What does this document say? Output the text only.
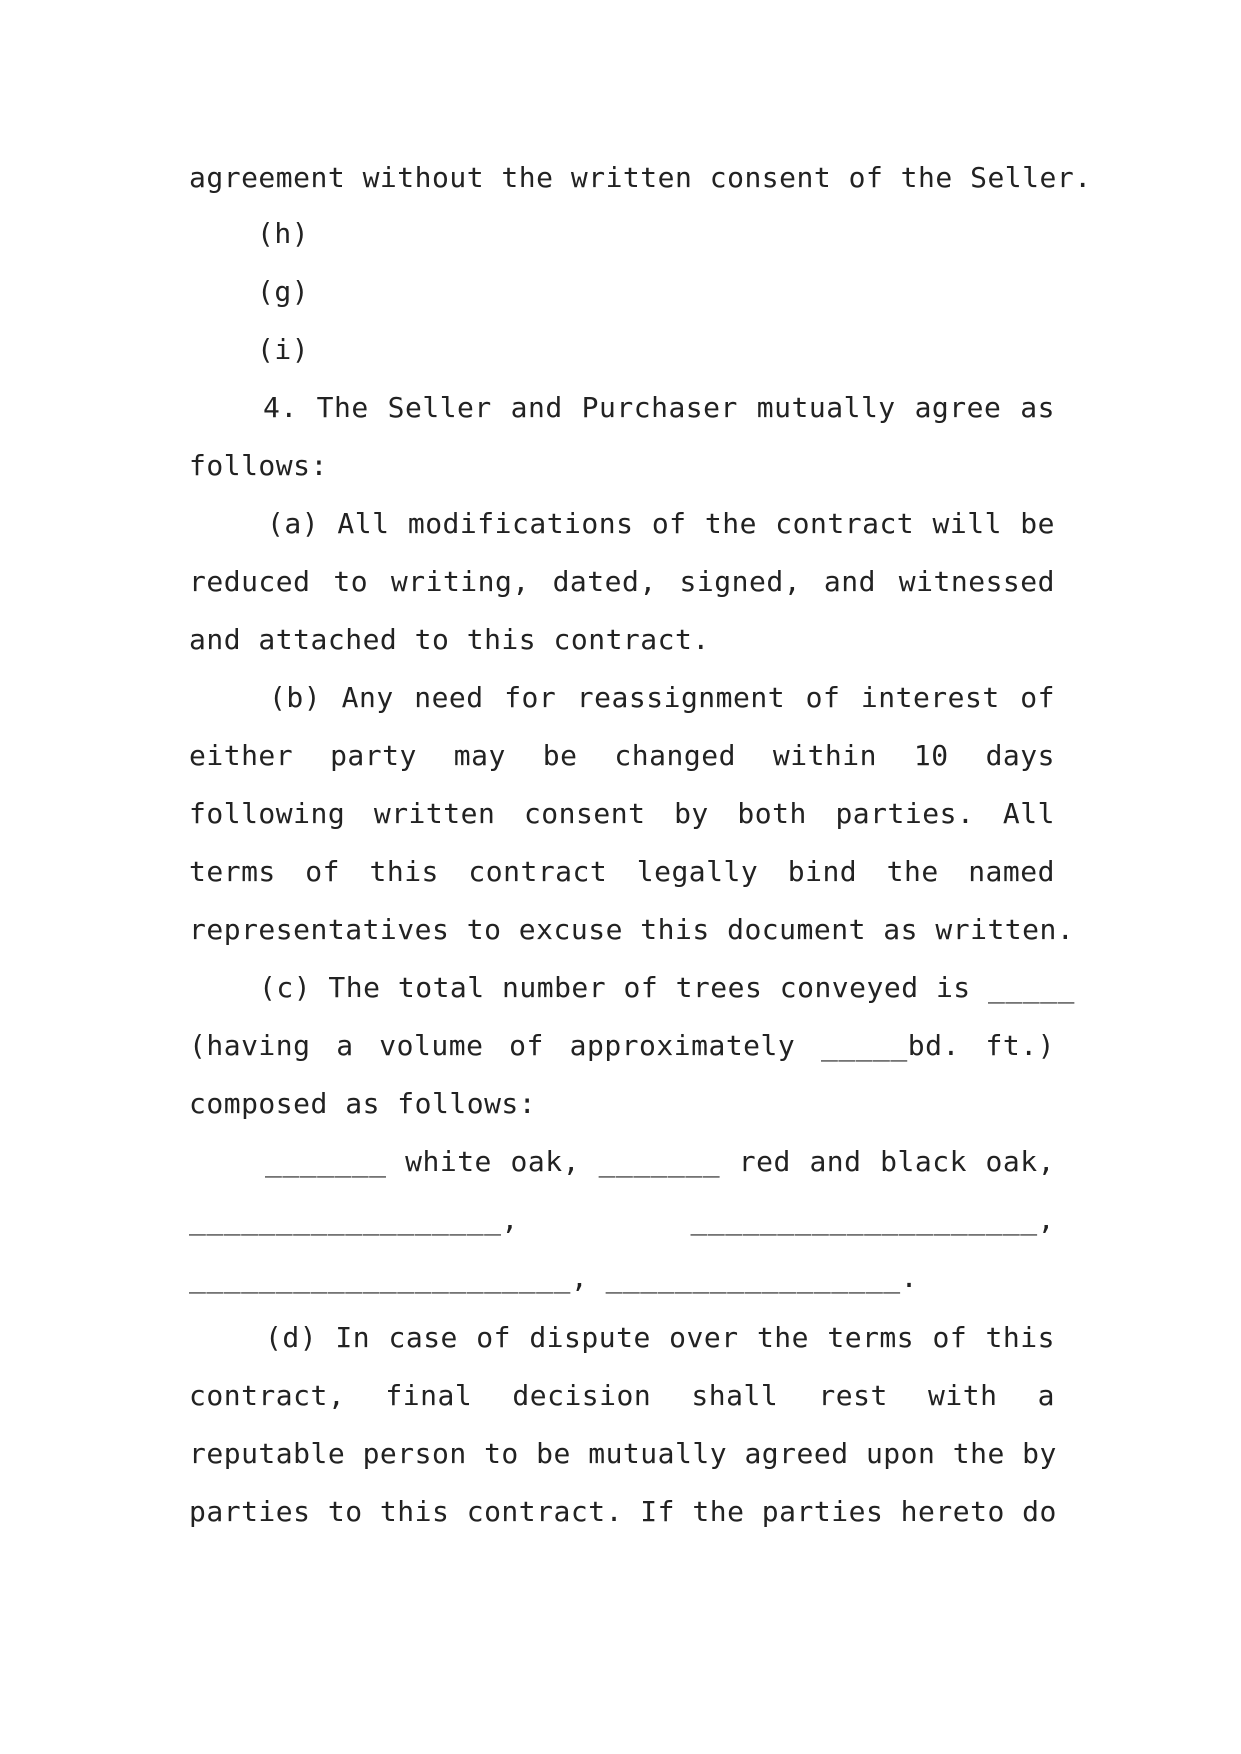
agreement without the written consent of the Seller.
(h)
(g)
(i)
4. The Seller and Purchaser mutually agree as
follows:
(a) All modifications of the contract will be
reduced to writing, dated, signed, and witnessed
and attached to this contract.
(b) Any need for reassignment of interest of
either party may be changed within 10 days
following written consent by both parties. All
terms of this contract legally bind the named
representatives to excuse this document as written.
(c) The total number of trees conveyed is _____
(having a volume of approximately _____bd. ft.)
composed as follows:
_______ white oak, _______ red and black oak,
__________________, ____________________,
______________________, _________________.
(d) In case of dispute over the terms of this
contract, final decision shall rest with a
reputable person to be mutually agreed upon the by
parties to this contract. If the parties hereto do
